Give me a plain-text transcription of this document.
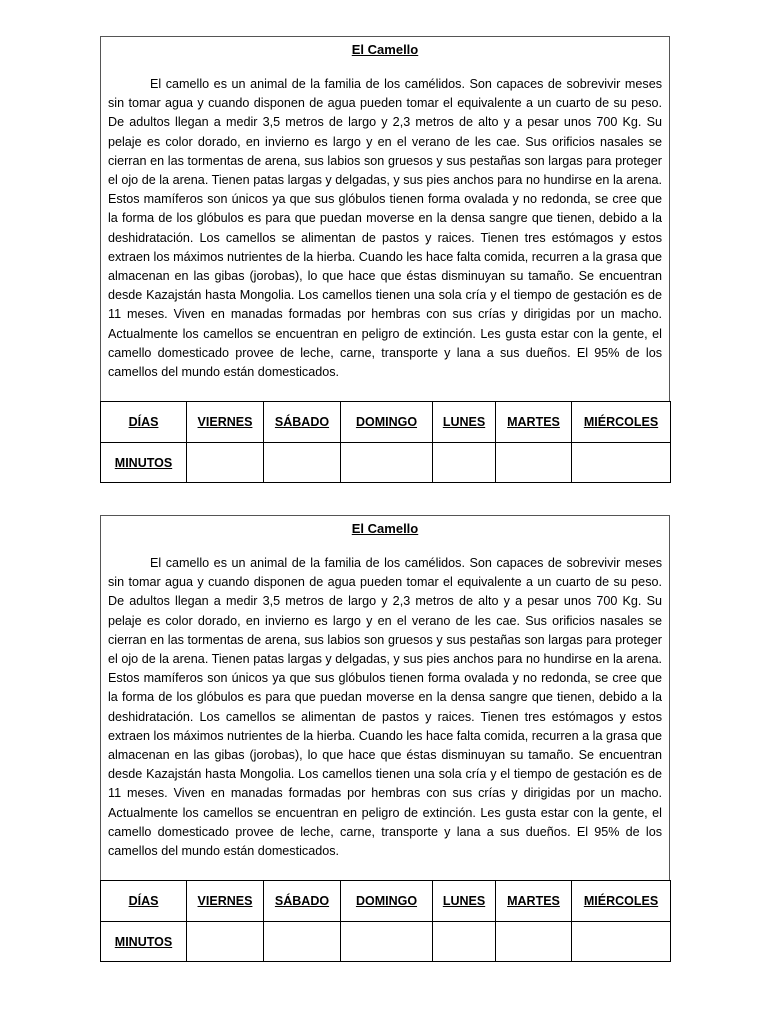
El Camello

El camello es un animal de la familia de los camélidos. Son capaces de sobrevivir meses sin tomar agua y cuando disponen de agua pueden tomar el equivalente a un cuarto de su peso. De adultos llegan a medir 3,5 metros de largo y 2,3 metros de alto y a pesar unos 700 Kg. Su pelaje es color dorado, en invierno es largo y en el verano de les cae. Sus orificios nasales se cierran en las tormentas de arena, sus labios son gruesos y sus pestañas son largas para proteger el ojo de la arena. Tienen patas largas y delgadas, y sus pies anchos para no hundirse en la arena. Estos mamíferos son únicos ya que sus glóbulos tienen forma ovalada y no redonda, se cree que la forma de los glóbulos es para que puedan moverse en la densa sangre que tienen, debido a la deshidratación. Los camellos se alimentan de pastos y raices. Tienen tres estómagos y estos extraen los máximos nutrientes de la hierba. Cuando les hace falta comida, recurren a la grasa que almacenan en las gibas (jorobas), lo que hace que éstas disminuyan su tamaño. Se encuentran desde Kazajstán hasta Mongolia. Los camellos tienen una sola cría y el tiempo de gestación es de 11 meses. Viven en manadas formadas por hembras con sus crías y dirigidas por un macho. Actualmente los camellos se encuentran en peligro de extinción. Les gusta estar con la gente, el camello domesticado provee de leche, carne, transporte y lana a sus dueños. El 95% de los camellos del mundo están domesticados.

DÍAS	VIERNES	SÁBADO	DOMINGO	LUNES	MARTES	MIÉRCOLES
MINUTOS						

El Camello

El camello es un animal de la familia de los camélidos. Son capaces de sobrevivir meses sin tomar agua y cuando disponen de agua pueden tomar el equivalente a un cuarto de su peso. De adultos llegan a medir 3,5 metros de largo y 2,3 metros de alto y a pesar unos 700 Kg. Su pelaje es color dorado, en invierno es largo y en el verano de les cae. Sus orificios nasales se cierran en las tormentas de arena, sus labios son gruesos y sus pestañas son largas para proteger el ojo de la arena. Tienen patas largas y delgadas, y sus pies anchos para no hundirse en la arena. Estos mamíferos son únicos ya que sus glóbulos tienen forma ovalada y no redonda, se cree que la forma de los glóbulos es para que puedan moverse en la densa sangre que tienen, debido a la deshidratación. Los camellos se alimentan de pastos y raices. Tienen tres estómagos y estos extraen los máximos nutrientes de la hierba. Cuando les hace falta comida, recurren a la grasa que almacenan en las gibas (jorobas), lo que hace que éstas disminuyan su tamaño. Se encuentran desde Kazajstán hasta Mongolia. Los camellos tienen una sola cría y el tiempo de gestación es de 11 meses. Viven en manadas formadas por hembras con sus crías y dirigidas por un macho. Actualmente los camellos se encuentran en peligro de extinción. Les gusta estar con la gente, el camello domesticado provee de leche, carne, transporte y lana a sus dueños. El 95% de los camellos del mundo están domesticados.

DÍAS	VIERNES	SÁBADO	DOMINGO	LUNES	MARTES	MIÉRCOLES
MINUTOS						
